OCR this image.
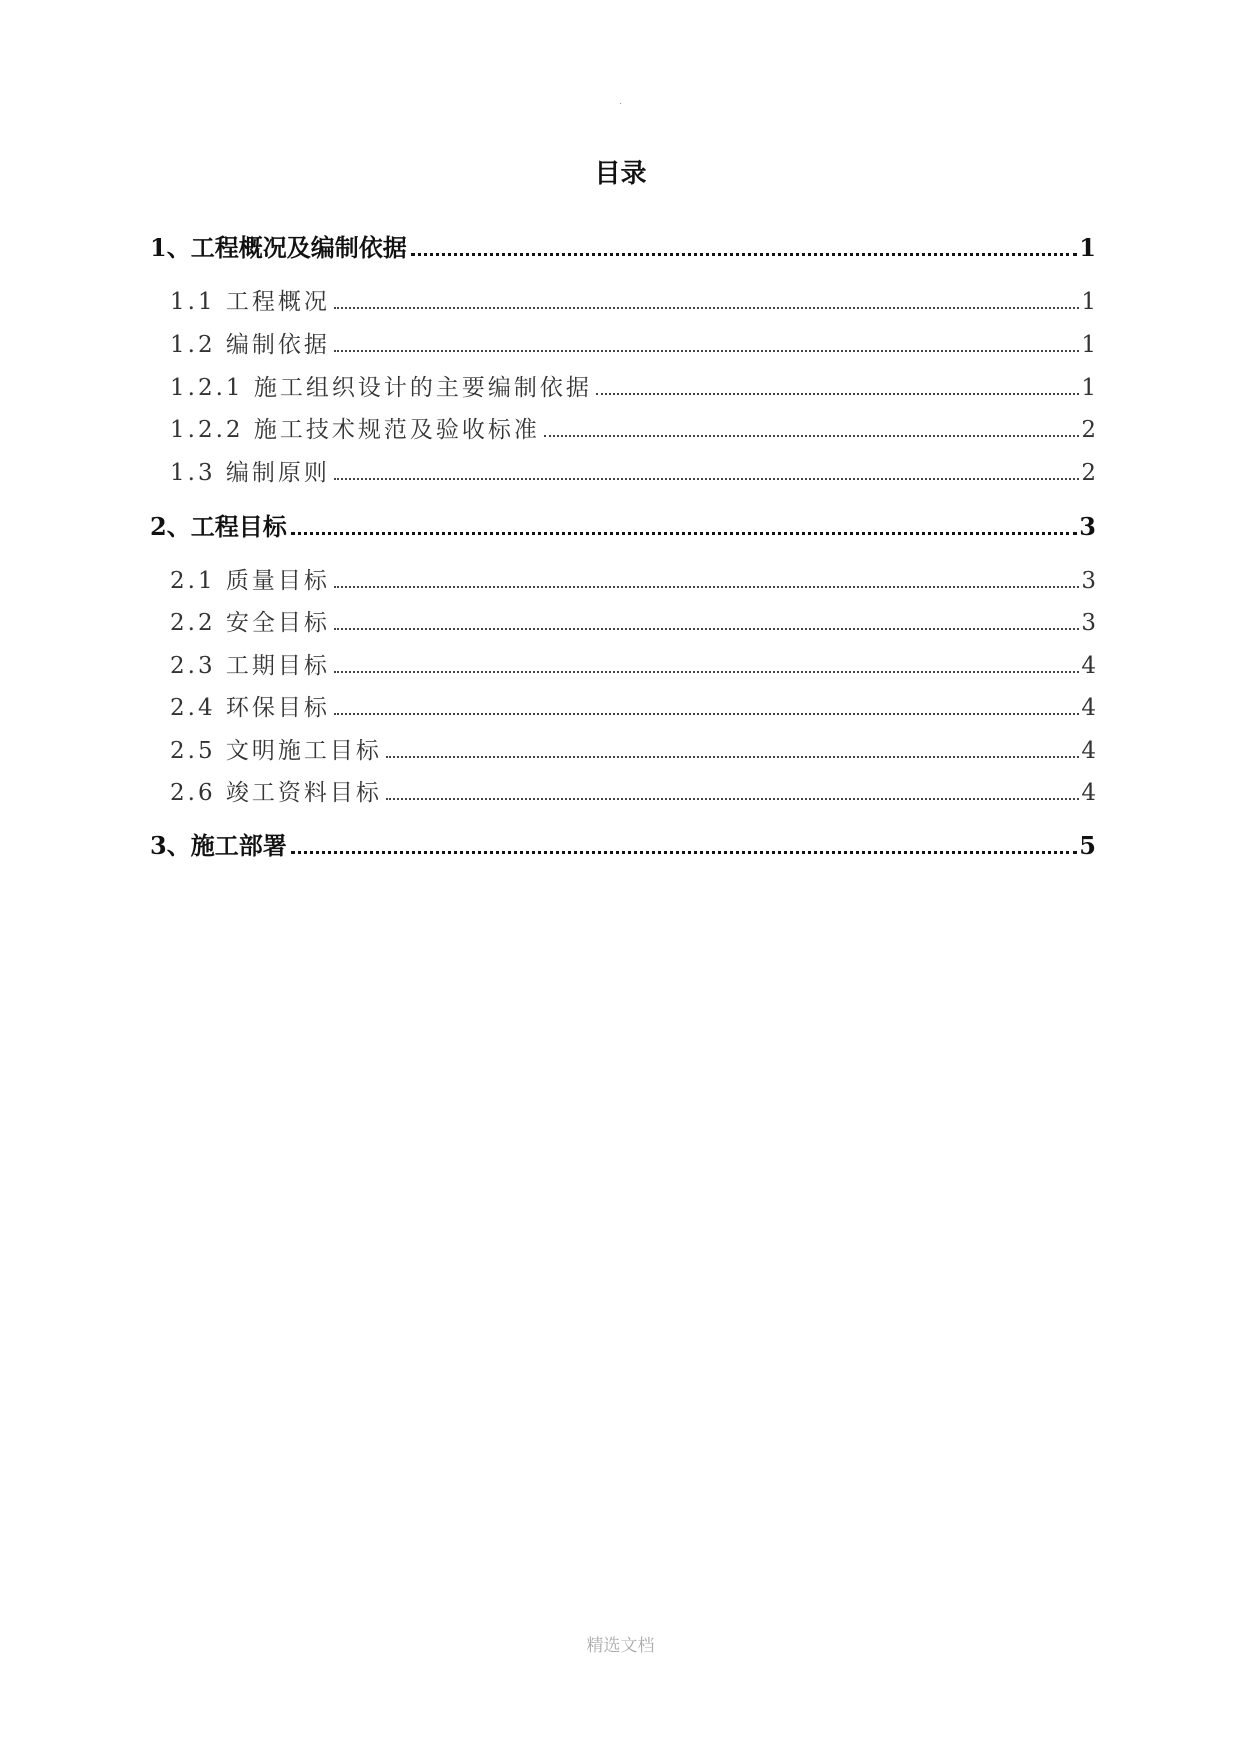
.
目录
1、工程概况及编制依据	1
1.1 工程概况	1
1.2 编制依据	1
1.2.1 施工组织设计的主要编制依据	1
1.2.2 施工技术规范及验收标准	2
1.3 编制原则	2
2、工程目标	3
2.1 质量目标	3
2.2 安全目标	3
2.3 工期目标	4
2.4 环保目标	4
2.5 文明施工目标	4
2.6 竣工资料目标	4
3、施工部署	5
精选文档
